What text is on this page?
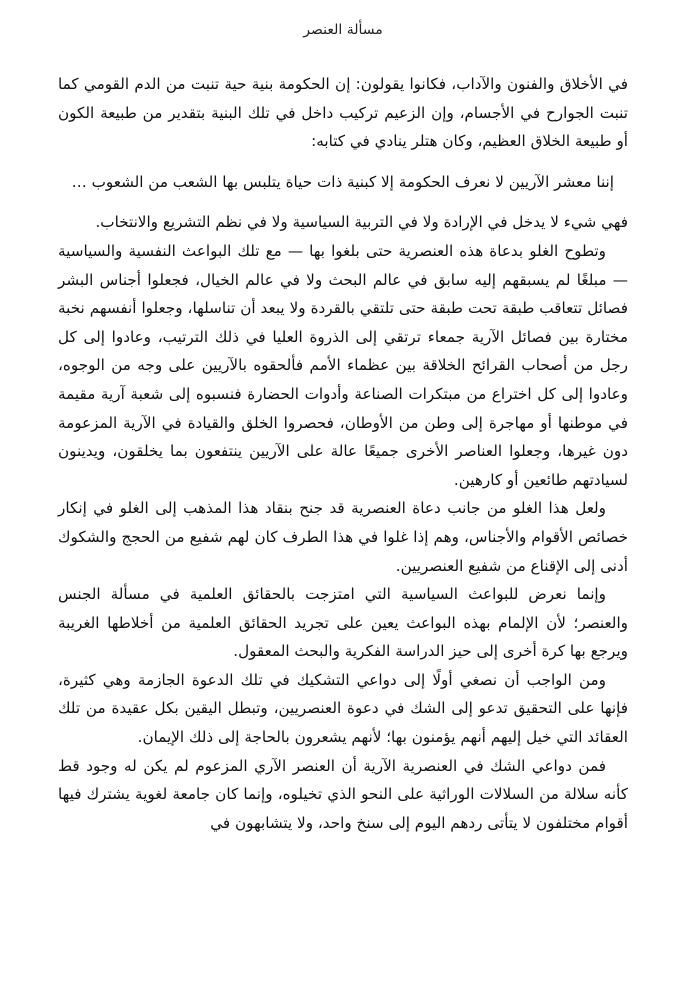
مسألة العنصر

في الأخلاق والفنون والآداب، فكانوا يقولون: إن الحكومة بنية حية تنبت من الدم القومي كما تنبت الجوارح في الأجسام، وإن الزعيم تركيب داخل في تلك البنية بتقدير من طبيعة الكون أو طبيعة الخلاق العظيم، وكان هتلر ينادي في كتابه:

إننا معشر الآريين لا نعرف الحكومة إلا كبنية ذات حياة يتلبس بها الشعب من الشعوب …

فهي شيء لا يدخل في الإرادة ولا في التربية السياسية ولا في نظم التشريع والانتخاب.

وتطوح الغلو بدعاة هذه العنصرية حتى بلغوا بها — مع تلك البواعث النفسية والسياسية — مبلغًا لم يسبقهم إليه سابق في عالم البحث ولا في عالم الخيال، فجعلوا أجناس البشر فصائل تتعاقب طبقة تحت طبقة حتى تلتقي بالقردة ولا يبعد أن تناسلها، وجعلوا أنفسهم نخبة مختارة بين فصائل الآرية جمعاء ترتقي إلى الذروة العليا في ذلك الترتيب، وعادوا إلى كل رجل من أصحاب القرائح الخلاقة بين عظماء الأمم فألحقوه بالآريين على وجه من الوجوه، وعادوا إلى كل اختراع من مبتكرات الصناعة وأدوات الحضارة فنسبوه إلى شعبة آرية مقيمة في موطنها أو مهاجرة إلى وطن من الأوطان، فحصروا الخلق والقيادة في الآرية المزعومة دون غيرها، وجعلوا العناصر الأخرى جميعًا عالة على الآريين ينتفعون بما يخلقون، ويدينون لسيادتهم طائعين أو كارهين.

ولعل هذا الغلو من جانب دعاة العنصرية قد جنح بنقاد هذا المذهب إلى الغلو في إنكار خصائص الأقوام والأجناس، وهم إذا غلوا في هذا الطرف كان لهم شفيع من الحجج والشكوك أدنى إلى الإقناع من شفيع العنصريين.

وإنما نعرض للبواعث السياسية التي امتزجت بالحقائق العلمية في مسألة الجنس والعنصر؛ لأن الإلمام بهذه البواعث يعين على تجريد الحقائق العلمية من أخلاطها الغريبة ويرجع بها كرة أخرى إلى حيز الدراسة الفكرية والبحث المعقول.

ومن الواجب أن نصغي أولًا إلى دواعي التشكيك في تلك الدعوة الجازمة وهي كثيرة، فإنها على التحقيق تدعو إلى الشك في دعوة العنصريين، وتبطل اليقين بكل عقيدة من تلك العقائد التي خيل إليهم أنهم يؤمنون بها؛ لأنهم يشعرون بالحاجة إلى ذلك الإيمان.

فمن دواعي الشك في العنصرية الآرية أن العنصر الآري المزعوم لم يكن له وجود قط كأنه سلالة من السلالات الوراثية على النحو الذي تخيلوه، وإنما كان جامعة لغوية يشترك فيها أقوام مختلفون لا يتأتى ردهم اليوم إلى سنخ واحد، ولا يتشابهون في
